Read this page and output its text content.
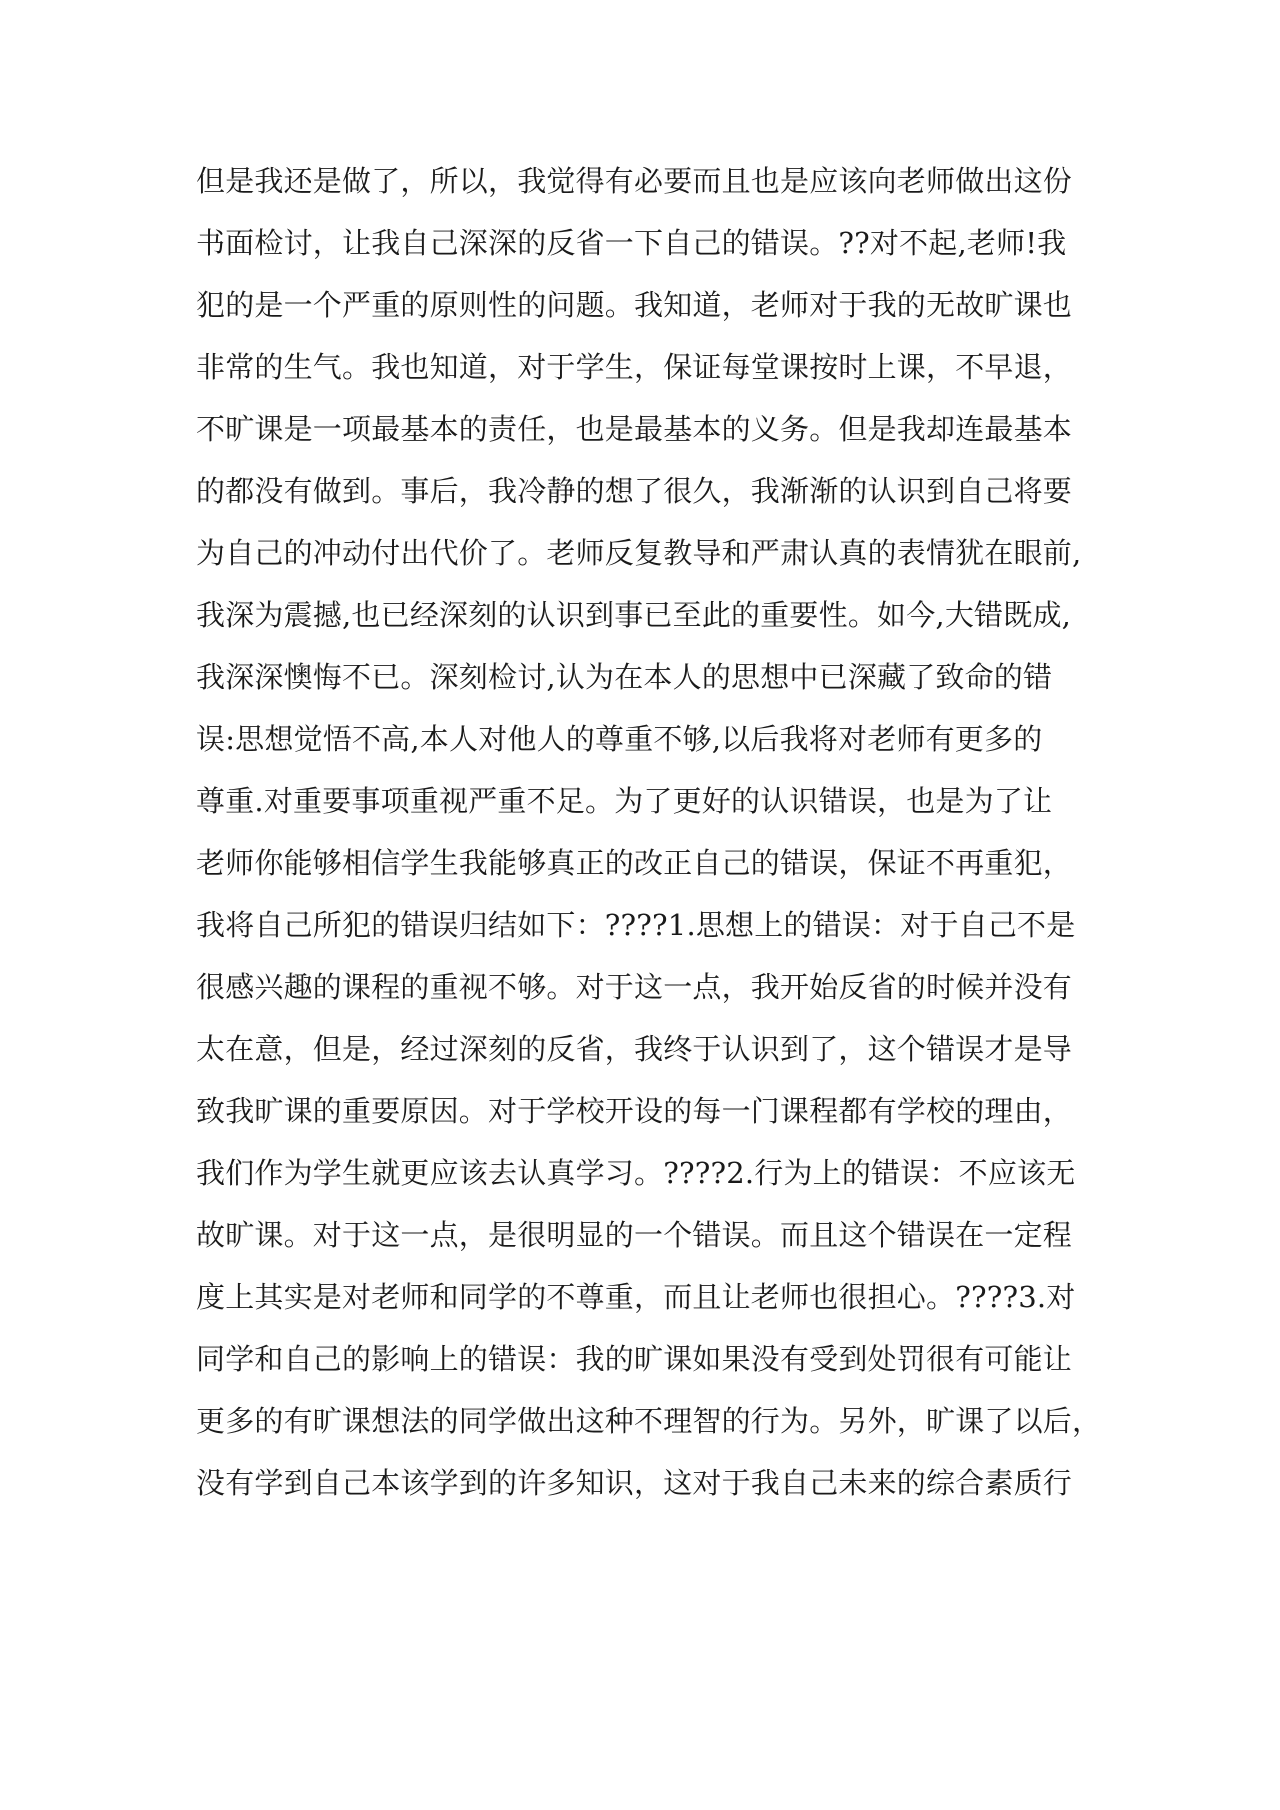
但是我还是做了，所以，我觉得有必要而且也是应该向老师做出这份
书面检讨，让我自己深深的反省一下自己的错误。??对不起,老师!我
犯的是一个严重的原则性的问题。我知道，老师对于我的无故旷课也
非常的生气。我也知道，对于学生，保证每堂课按时上课，不早退，
不旷课是一项最基本的责任，也是最基本的义务。但是我却连最基本
的都没有做到。事后，我冷静的想了很久，我渐渐的认识到自己将要
为自己的冲动付出代价了。老师反复教导和严肃认真的表情犹在眼前,
我深为震撼,也已经深刻的认识到事已至此的重要性。如今,大错既成,
我深深懊悔不已。深刻检讨,认为在本人的思想中已深藏了致命的错
误:思想觉悟不高,本人对他人的尊重不够,以后我将对老师有更多的
尊重.对重要事项重视严重不足。为了更好的认识错误，也是为了让
老师你能够相信学生我能够真正的改正自己的错误，保证不再重犯，
我将自己所犯的错误归结如下：????1.思想上的错误：对于自己不是
很感兴趣的课程的重视不够。对于这一点，我开始反省的时候并没有
太在意，但是，经过深刻的反省，我终于认识到了，这个错误才是导
致我旷课的重要原因。对于学校开设的每一门课程都有学校的理由，
我们作为学生就更应该去认真学习。????2.行为上的错误：不应该无
故旷课。对于这一点，是很明显的一个错误。而且这个错误在一定程
度上其实是对老师和同学的不尊重，而且让老师也很担心。????3.对
同学和自己的影响上的错误：我的旷课如果没有受到处罚很有可能让
更多的有旷课想法的同学做出这种不理智的行为。另外，旷课了以后，
没有学到自己本该学到的许多知识，这对于我自己未来的综合素质行
